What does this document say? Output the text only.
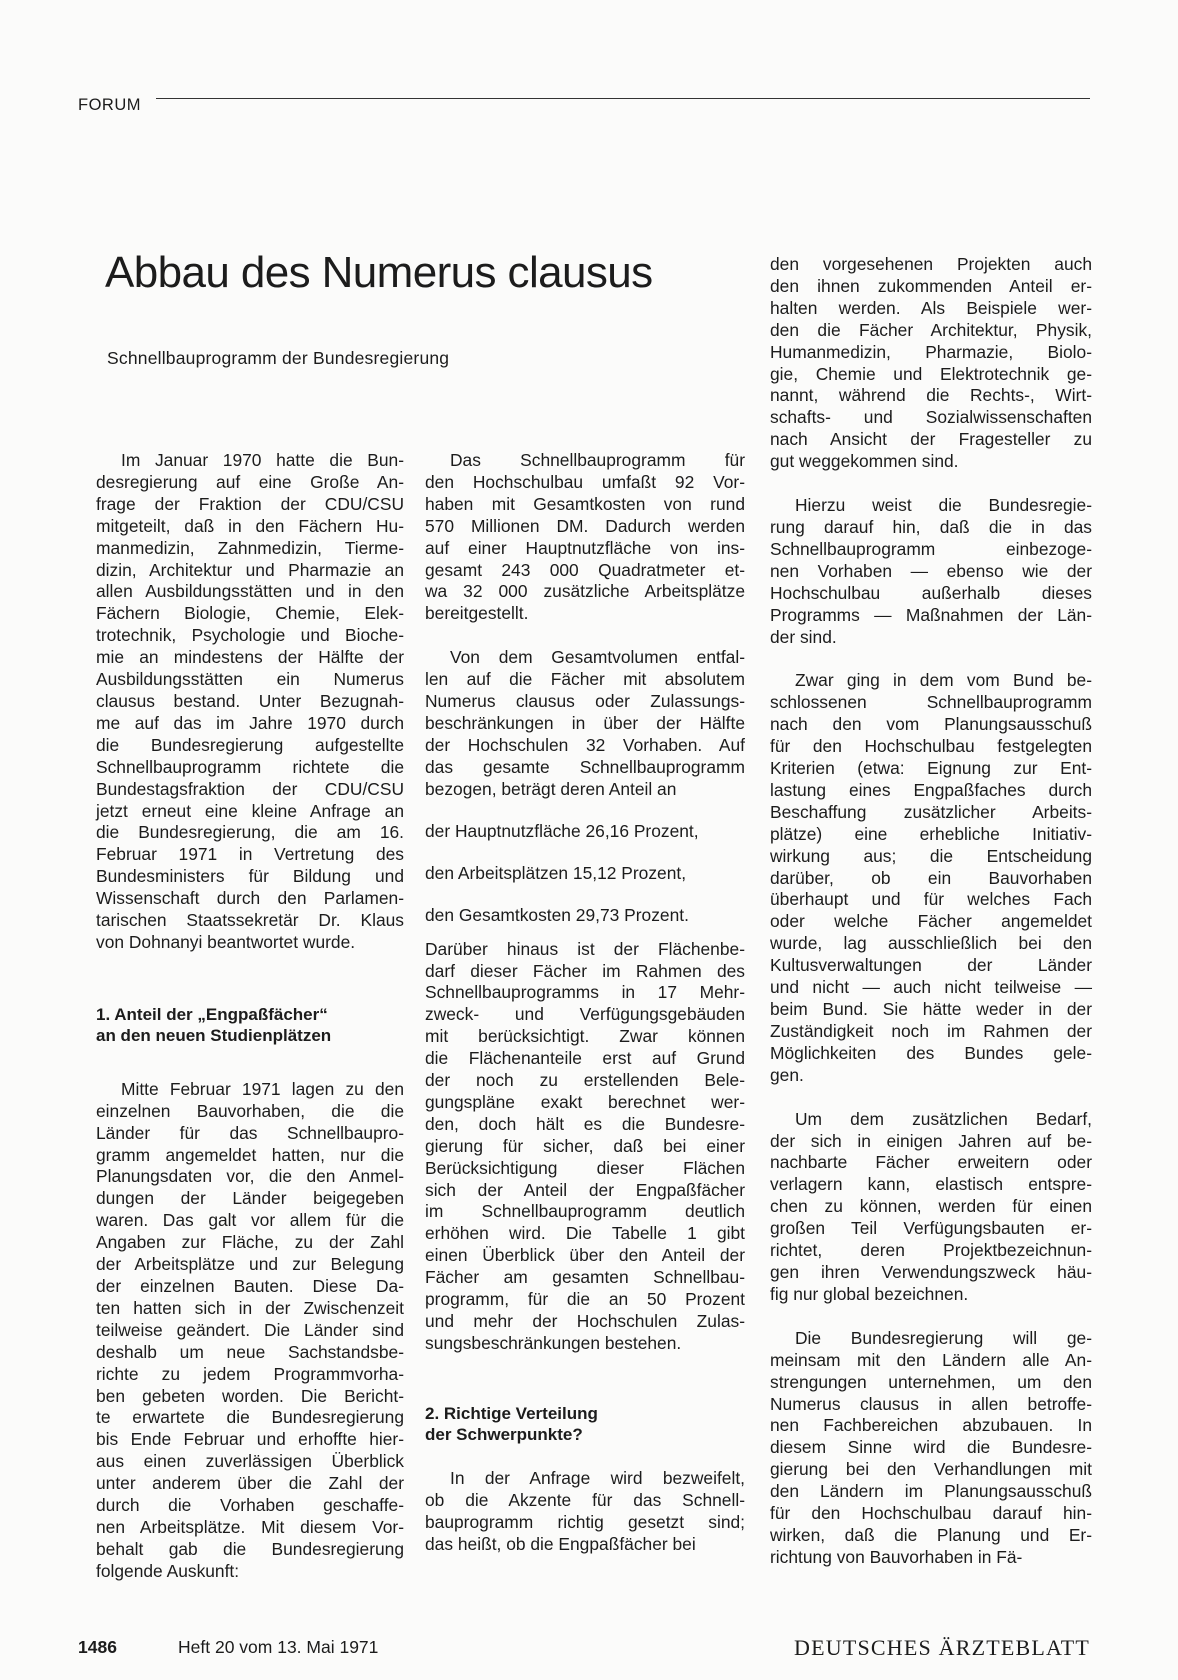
FORUM
Abbau des Numerus clausus

Schnellbauprogramm der Bundesregierung

Im Januar 1970 hatte die Bun-
desregierung auf eine Große An-
frage der Fraktion der CDU/CSU
mitgeteilt, daß in den Fächern Hu-
manmedizin, Zahnmedizin, Tierme-
dizin, Architektur und Pharmazie an
allen Ausbildungsstätten und in den
Fächern Biologie, Chemie, Elek-
trotechnik, Psychologie und Bioche-
mie an mindestens der Hälfte der
Ausbildungsstätten ein Numerus
clausus bestand. Unter Bezugnah-
me auf das im Jahre 1970 durch
die Bundesregierung aufgestellte
Schnellbauprogramm richtete die
Bundestagsfraktion der CDU/CSU
jetzt erneut eine kleine Anfrage an
die Bundesregierung, die am 16.
Februar 1971 in Vertretung des
Bundesministers für Bildung und
Wissenschaft durch den Parlamen-
tarischen Staatssekretär Dr. Klaus
von Dohnanyi beantwortet wurde.

1. Anteil der „Engpaßfächer“
an den neuen Studienplätzen

Mitte Februar 1971 lagen zu den
einzelnen Bauvorhaben, die die
Länder für das Schnellbaupro-
gramm angemeldet hatten, nur die
Planungsdaten vor, die den Anmel-
dungen der Länder beigegeben
waren. Das galt vor allem für die
Angaben zur Fläche, zu der Zahl
der Arbeitsplätze und zur Belegung
der einzelnen Bauten. Diese Da-
ten hatten sich in der Zwischenzeit
teilweise geändert. Die Länder sind
deshalb um neue Sachstandsbe-
richte zu jedem Programmvorha-
ben gebeten worden. Die Bericht-
te erwartete die Bundesregierung
bis Ende Februar und erhoffte hier-
aus einen zuverlässigen Überblick
unter anderem über die Zahl der
durch die Vorhaben geschaffe-
nen Arbeitsplätze. Mit diesem Vor-
behalt gab die Bundesregierung
folgende Auskunft:

Das Schnellbauprogramm für
den Hochschulbau umfaßt 92 Vor-
haben mit Gesamtkosten von rund
570 Millionen DM. Dadurch werden
auf einer Hauptnutzfläche von ins-
gesamt 243 000 Quadratmeter et-
wa 32 000 zusätzliche Arbeitsplätze
bereitgestellt.

Von dem Gesamtvolumen entfal-
len auf die Fächer mit absolutem
Numerus clausus oder Zulassungs-
beschränkungen in über der Hälfte
der Hochschulen 32 Vorhaben. Auf
das gesamte Schnellbauprogramm
bezogen, beträgt deren Anteil an

der Hauptnutzfläche 26,16 Prozent,
den Arbeitsplätzen 15,12 Prozent,
den Gesamtkosten 29,73 Prozent.

Darüber hinaus ist der Flächenbe-
darf dieser Fächer im Rahmen des
Schnellbauprogramms in 17 Mehr-
zweck- und Verfügungsgebäuden
mit berücksichtigt. Zwar können
die Flächenanteile erst auf Grund
der noch zu erstellenden Bele-
gungspläne exakt berechnet wer-
den, doch hält es die Bundesre-
gierung für sicher, daß bei einer
Berücksichtigung dieser Flächen
sich der Anteil der Engpaßfächer
im Schnellbauprogramm deutlich
erhöhen wird. Die Tabelle 1 gibt
einen Überblick über den Anteil der
Fächer am gesamten Schnellbau-
programm, für die an 50 Prozent
und mehr der Hochschulen Zulas-
sungsbeschränkungen bestehen.

2. Richtige Verteilung
der Schwerpunkte?

In der Anfrage wird bezweifelt,
ob die Akzente für das Schnell-
bauprogramm richtig gesetzt sind;
das heißt, ob die Engpaßfächer bei

den vorgesehenen Projekten auch
den ihnen zukommenden Anteil er-
halten werden. Als Beispiele wer-
den die Fächer Architektur, Physik,
Humanmedizin, Pharmazie, Biolo-
gie, Chemie und Elektrotechnik ge-
nannt, während die Rechts-, Wirt-
schafts- und Sozialwissenschaften
nach Ansicht der Fragesteller zu
gut weggekommen sind.

Hierzu weist die Bundesregie-
rung darauf hin, daß die in das
Schnellbauprogramm einbezoge-
nen Vorhaben — ebenso wie der
Hochschulbau außerhalb dieses
Programms — Maßnahmen der Län-
der sind.

Zwar ging in dem vom Bund be-
schlossenen Schnellbauprogramm
nach den vom Planungsausschuß
für den Hochschulbau festgelegten
Kriterien (etwa: Eignung zur Ent-
lastung eines Engpaßfaches durch
Beschaffung zusätzlicher Arbeits-
plätze) eine erhebliche Initiativ-
wirkung aus; die Entscheidung
darüber, ob ein Bauvorhaben
überhaupt und für welches Fach
oder welche Fächer angemeldet
wurde, lag ausschließlich bei den
Kultusverwaltungen der Länder
und nicht — auch nicht teilweise —
beim Bund. Sie hätte weder in der
Zuständigkeit noch im Rahmen der
Möglichkeiten des Bundes gele-
gen.

Um dem zusätzlichen Bedarf,
der sich in einigen Jahren auf be-
nachbarte Fächer erweitern oder
verlagern kann, elastisch entspre-
chen zu können, werden für einen
großen Teil Verfügungsbauten er-
richtet, deren Projektbezeichnun-
gen ihren Verwendungszweck häu-
fig nur global bezeichnen.

Die Bundesregierung will ge-
meinsam mit den Ländern alle An-
strengungen unternehmen, um den
Numerus clausus in allen betroffe-
nen Fachbereichen abzubauen. In
diesem Sinne wird die Bundesre-
gierung bei den Verhandlungen mit
den Ländern im Planungsausschuß
für den Hochschulbau darauf hin-
wirken, daß die Planung und Er-
richtung von Bauvorhaben in Fä-

1486	Heft 20 vom 13. Mai 1971	DEUTSCHES ÄRZTEBLATT
